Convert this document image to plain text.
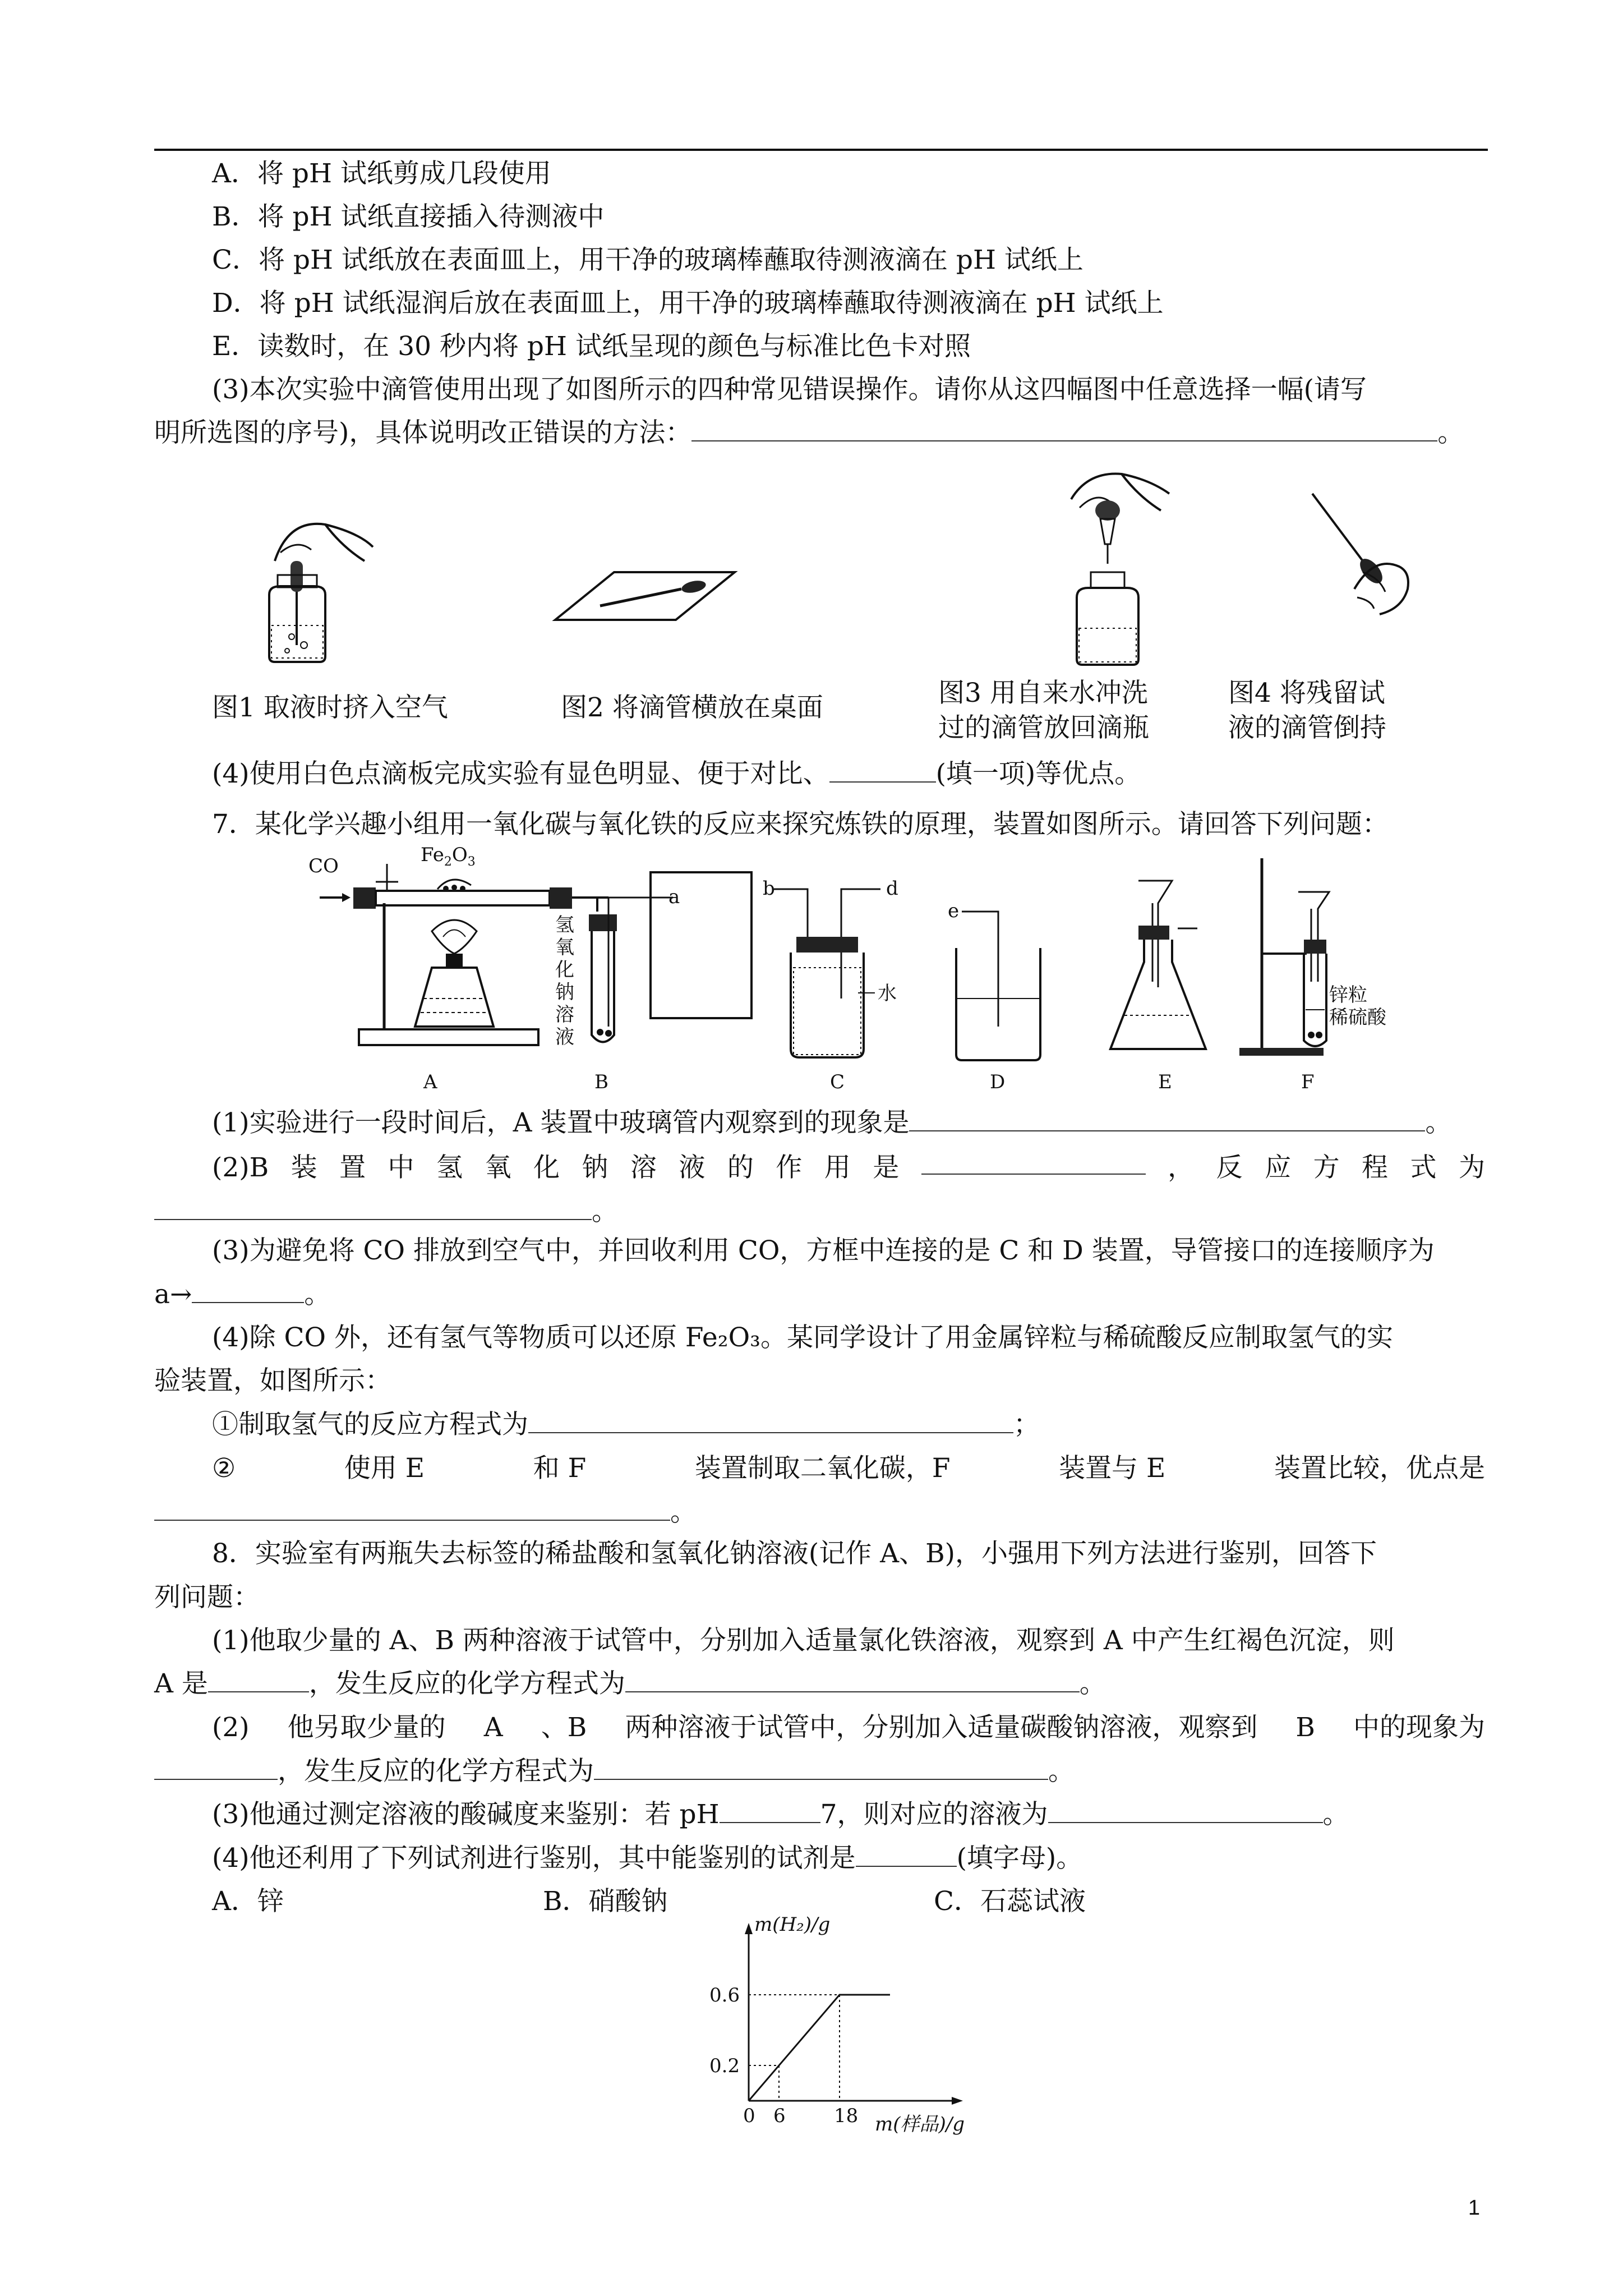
A．将 pH 试纸剪成几段使用
B．将 pH 试纸直接插入待测液中
C．将 pH 试纸放在表面皿上，用干净的玻璃棒蘸取待测液滴在 pH 试纸上
D．将 pH 试纸湿润后放在表面皿上，用干净的玻璃棒蘸取待测液滴在 pH 试纸上
E．读数时，在 30 秒内将 pH 试纸呈现的颜色与标准比色卡对照
(3)本次实验中滴管使用出现了如图所示的四种常见错误操作。请你从这四幅图中任意选择一幅(请写
明所选图的序号)，具体说明改正错误的方法：	。
图1 取液时挤入空气	图2 将滴管横放在桌面	图3 用自来水冲洗
过的滴管放回滴瓶
图4 将残留试
液的滴管倒持
(4)使用白色点滴板完成实验有显色明显、便于对比、	(填一项)等优点。
7．某化学兴趣小组用一氧化碳与氧化铁的反应来探究炼铁的原理，装置如图所示。请回答下列问题：
CO	$Fe_2O_3$
a
氢
氧
化
钠
溶
液
b	d
水
e
锌粒
稀硫酸
A	B	C	D	E	F
(1)实验进行一段时间后，A 装置中玻璃管内观察到的现象是	。
(2)B 装 置 中 氢 氧 化 钠 溶 液 的 作 用 是	， 反 应 方 程 式 为
。
(3)为避免将 CO 排放到空气中，并回收利用 CO，方框中连接的是 C 和 D 装置，导管接口的连接顺序为
a→	。
(4)除 CO 外，还有氢气等物质可以还原 Fe₂O₃。某同学设计了用金属锌粒与稀硫酸反应制取氢气的实
验装置，如图所示：
①制取氢气的反应方程式为	；
②	使用 E	和 F	装置制取二氧化碳，F	装置与 E	装置比较，优点是
。
8．实验室有两瓶失去标签的稀盐酸和氢氧化钠溶液(记作 A、B)，小强用下列方法进行鉴别，回答下
列问题：
(1)他取少量的 A、B 两种溶液于试管中，分别加入适量氯化铁溶液，观察到 A 中产生红褐色沉淀，则
A 是	，发生反应的化学方程式为	。
(2) 他另取少量的 A 、B 两种溶液于试管中，分别加入适量碳酸钠溶液，观察到 B 中的现象为
，发生反应的化学方程式为	。
(3)他通过测定溶液的酸碱度来鉴别：若 pH	7，则对应的溶液为	。
(4)他还利用了下列试剂进行鉴别，其中能鉴别的试剂是	(填字母)。
A．锌	B．硝酸钠	C．石蕊试液
m(H₂)/g
m(样品)/g
0 6	18
0.6
0.2
1
